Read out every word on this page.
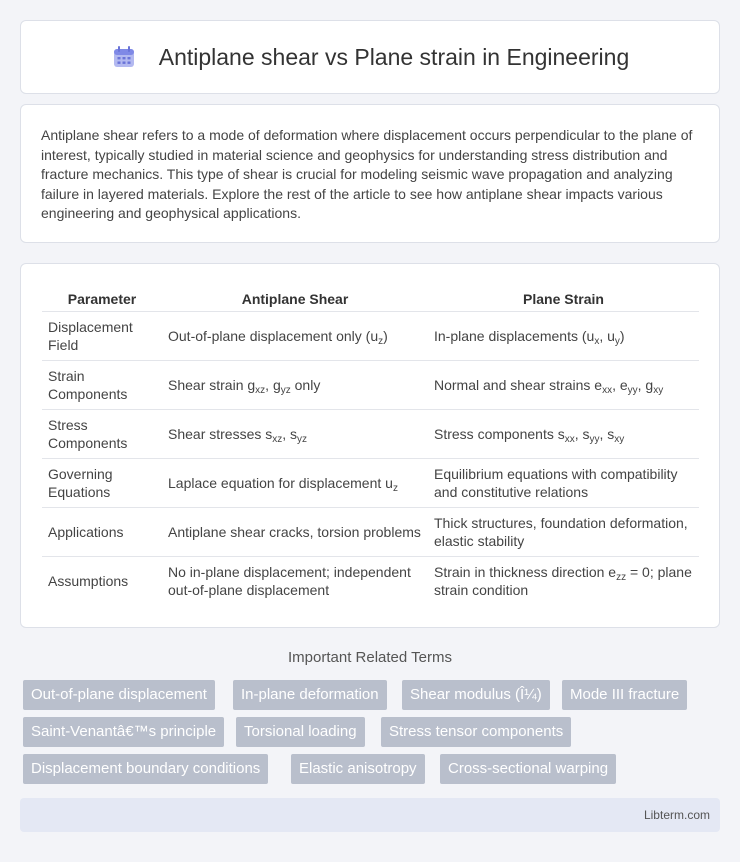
Antiplane shear vs Plane strain in Engineering

Antiplane shear refers to a mode of deformation where displacement occurs perpendicular to the plane of interest, typically studied in material science and geophysics for understanding stress distribution and fracture mechanics. This type of shear is crucial for modeling seismic wave propagation and analyzing failure in layered materials. Explore the rest of the article to see how antiplane shear impacts various engineering and geophysical applications.

Parameter	Antiplane Shear	Plane Strain
Displacement Field	Out-of-plane displacement only $(u_z)$	In-plane displacements ($u_x$, $u_y$)
Strain Components	Shear strain $g_{xz}$, $g_{yz}$ only	Normal and shear strains $e_{xx}$, $e_{yy}$, $g_{xy}$
Stress Components	Shear stresses $s_{xz}$, $s_{yz}$	Stress components $s_{xx}$, $s_{yy}$, $s_{xy}$
Governing Equations	Laplace equation for displacement $u_z$	Equilibrium equations with compatibility and constitutive relations
Applications	Antiplane shear cracks, torsion problems	Thick structures, foundation deformation, elastic stability
Assumptions	No in-plane displacement; independent out-of-plane displacement	Strain in thickness direction $e_{zz} = 0$; plane strain condition
Important Related Terms
Out-of-plane displacement	In-plane deformation	Shear modulus (Î¼)	Mode III fracture
Saint-Venantâ€™s principle	Torsional loading	Stress tensor components
Displacement boundary conditions	Elastic anisotropy	Cross-sectional warping
Libterm.com
